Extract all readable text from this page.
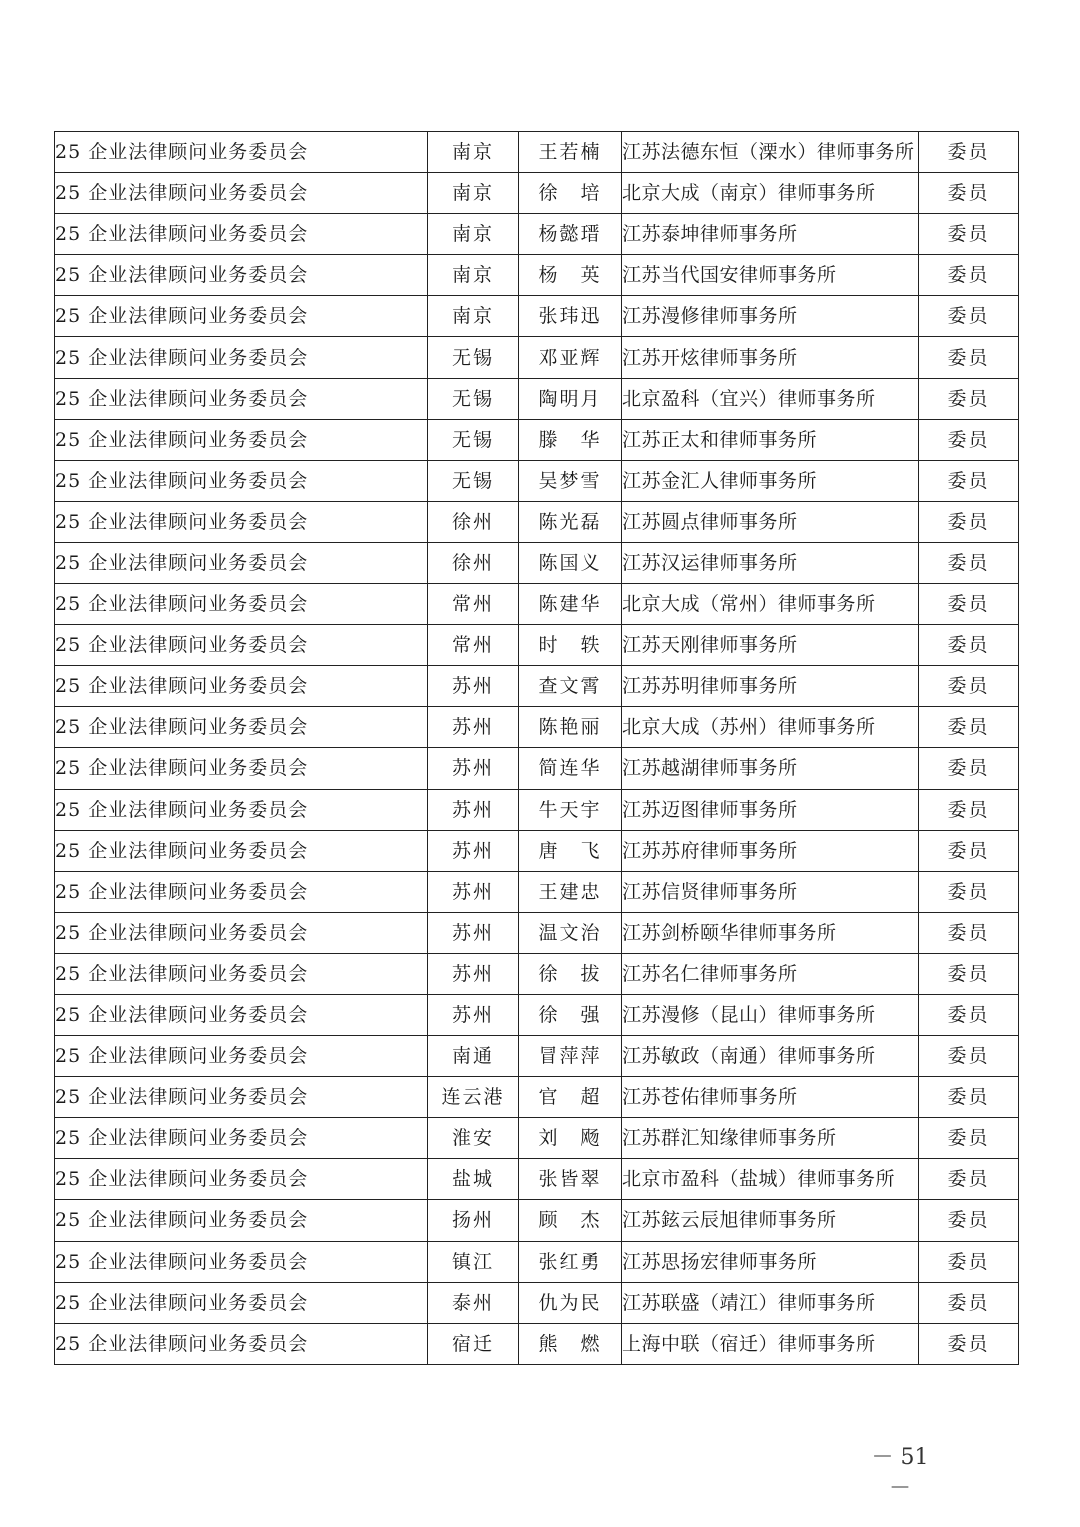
25 企业法律顾问业务委员会	南京	王若楠	江苏法德东恒（溧水）律师事务所	委员
25 企业法律顾问业务委员会	南京	徐　培	北京大成（南京）律师事务所	委员
25 企业法律顾问业务委员会	南京	杨懿瑨	江苏泰坤律师事务所	委员
25 企业法律顾问业务委员会	南京	杨　英	江苏当代国安律师事务所	委员
25 企业法律顾问业务委员会	南京	张玮迅	江苏漫修律师事务所	委员
25 企业法律顾问业务委员会	无锡	邓亚辉	江苏开炫律师事务所	委员
25 企业法律顾问业务委员会	无锡	陶明月	北京盈科（宜兴）律师事务所	委员
25 企业法律顾问业务委员会	无锡	滕　华	江苏正太和律师事务所	委员
25 企业法律顾问业务委员会	无锡	吴梦雪	江苏金汇人律师事务所	委员
25 企业法律顾问业务委员会	徐州	陈光磊	江苏圆点律师事务所	委员
25 企业法律顾问业务委员会	徐州	陈国义	江苏汉运律师事务所	委员
25 企业法律顾问业务委员会	常州	陈建华	北京大成（常州）律师事务所	委员
25 企业法律顾问业务委员会	常州	时　轶	江苏天刚律师事务所	委员
25 企业法律顾问业务委员会	苏州	查文霄	江苏苏明律师事务所	委员
25 企业法律顾问业务委员会	苏州	陈艳丽	北京大成（苏州）律师事务所	委员
25 企业法律顾问业务委员会	苏州	简连华	江苏越湖律师事务所	委员
25 企业法律顾问业务委员会	苏州	牛天宇	江苏迈图律师事务所	委员
25 企业法律顾问业务委员会	苏州	唐　飞	江苏苏府律师事务所	委员
25 企业法律顾问业务委员会	苏州	王建忠	江苏信贤律师事务所	委员
25 企业法律顾问业务委员会	苏州	温文治	江苏剑桥颐华律师事务所	委员
25 企业法律顾问业务委员会	苏州	徐　拔	江苏名仁律师事务所	委员
25 企业法律顾问业务委员会	苏州	徐　强	江苏漫修（昆山）律师事务所	委员
25 企业法律顾问业务委员会	南通	冒萍萍	江苏敏政（南通）律师事务所	委员
25 企业法律顾问业务委员会	连云港	官　超	江苏苍佑律师事务所	委员
25 企业法律顾问业务委员会	淮安	刘　飏	江苏群汇知缘律师事务所	委员
25 企业法律顾问业务委员会	盐城	张皆翠	北京市盈科（盐城）律师事务所	委员
25 企业法律顾问业务委员会	扬州	顾　杰	江苏鉉云辰旭律师事务所	委员
25 企业法律顾问业务委员会	镇江	张红勇	江苏思扬宏律师事务所	委员
25 企业法律顾问业务委员会	泰州	仇为民	江苏联盛（靖江）律师事务所	委员
25 企业法律顾问业务委员会	宿迁	熊　燃	上海中联（宿迁）律师事务所	委员
－ 51 －
